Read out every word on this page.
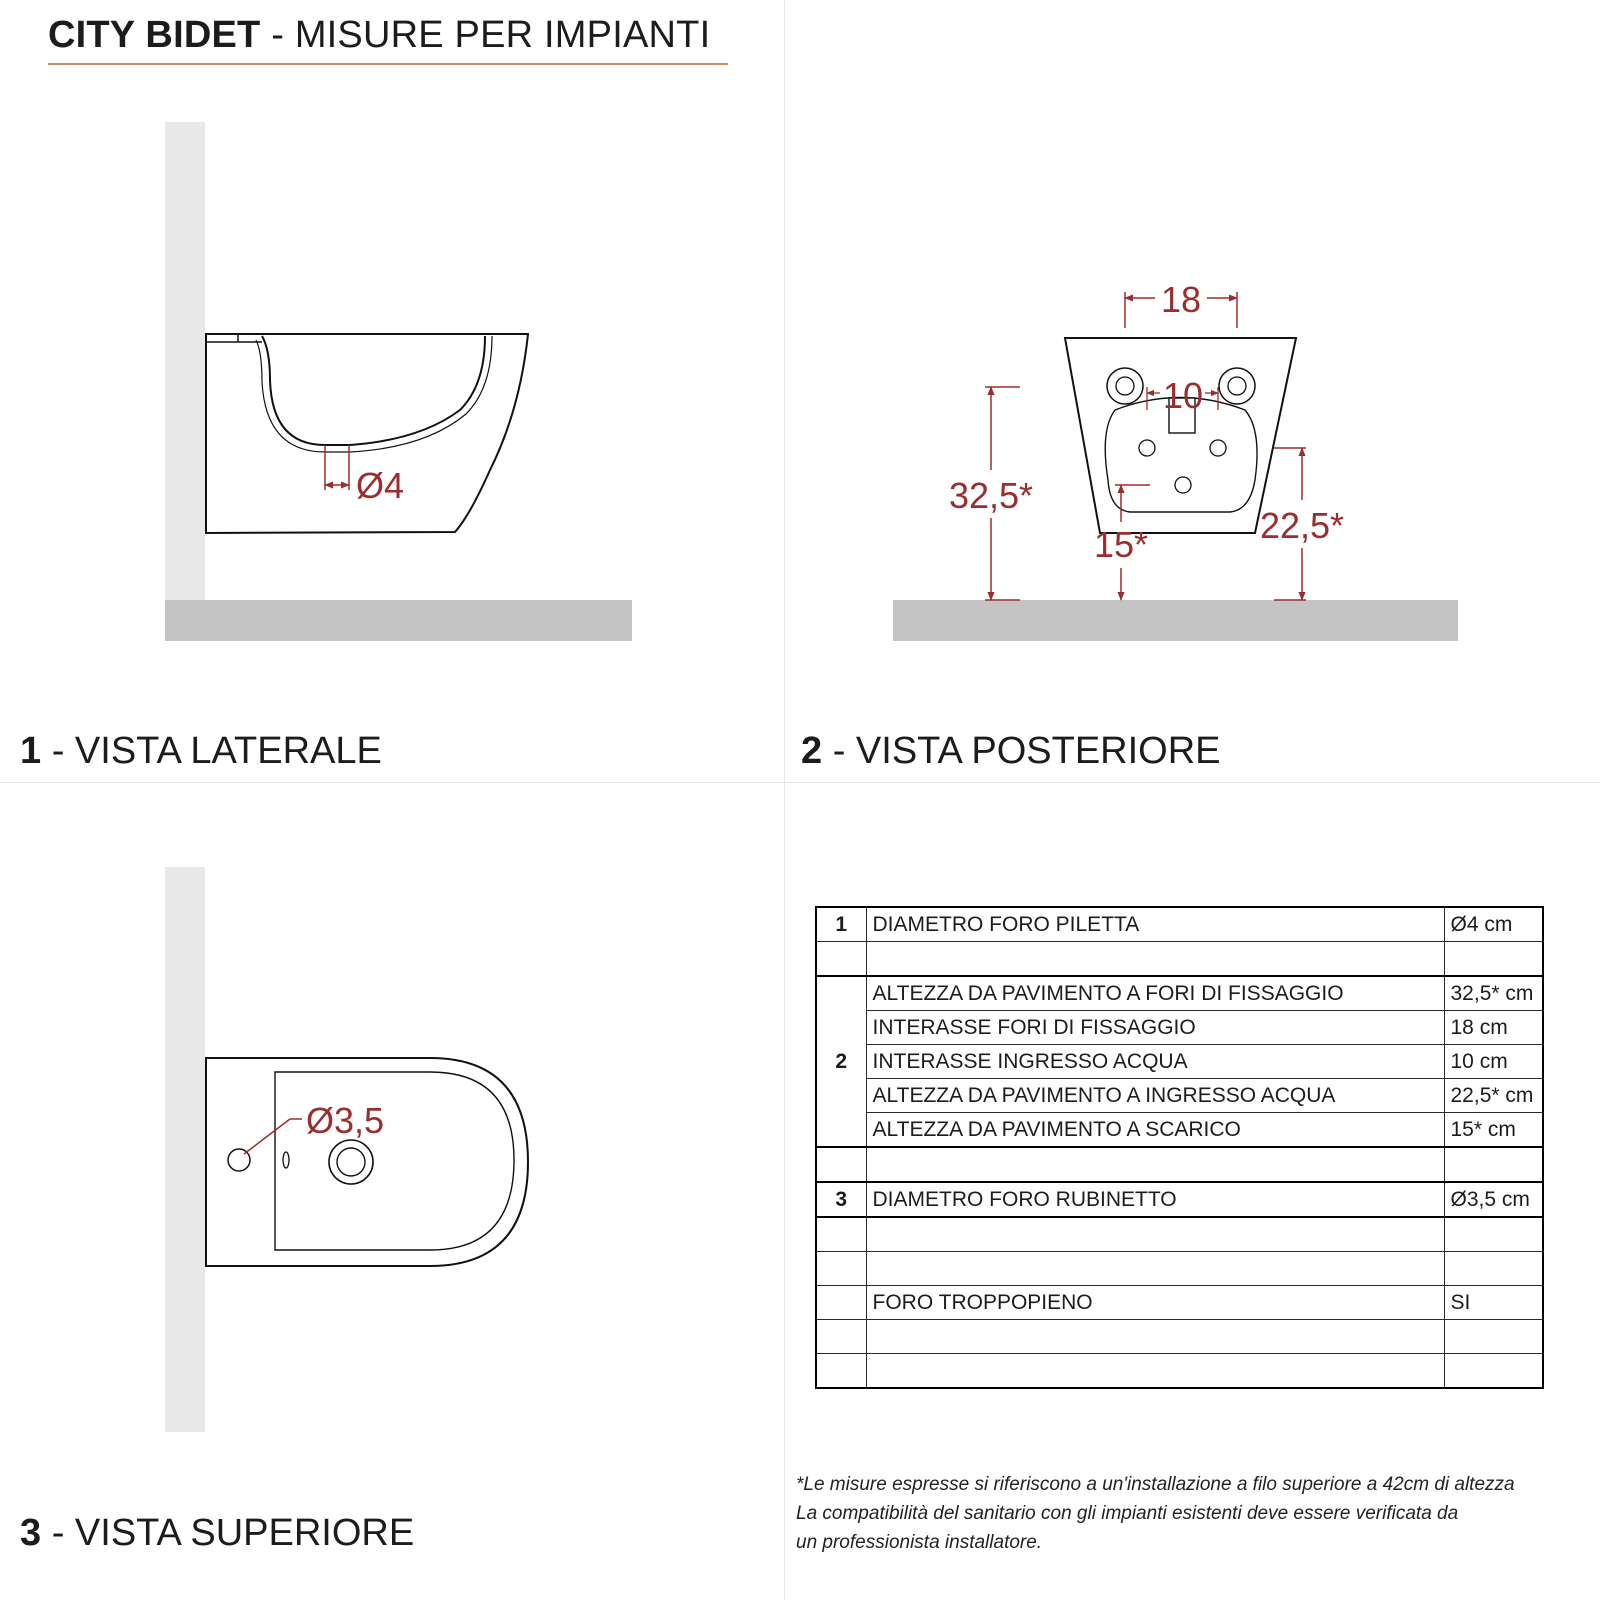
CITY BIDET - MISURE PER IMPIANTI
Ø4
18
10
32,5*
15*	22,5*
Ø3,5
1 - VISTA LATERALE	2 - VISTA POSTERIORE
3 - VISTA SUPERIORE
1	DIAMETRO FORO PILETTA	Ø4 cm

2	ALTEZZA DA PAVIMENTO A FORI DI FISSAGGIO	32,5* cm
	INTERASSE FORI DI FISSAGGIO	18 cm
	INTERASSE INGRESSO ACQUA	10 cm
	ALTEZZA DA PAVIMENTO A INGRESSO ACQUA	22,5* cm
	ALTEZZA DA PAVIMENTO A SCARICO	15* cm

3	DIAMETRO FORO RUBINETTO	Ø3,5 cm

	FORO TROPPOPIENO	SI

*Le misure espresse si riferiscono a un'installazione a filo superiore a 42cm di altezza
La compatibilità del sanitario con gli impianti esistenti deve essere verificata da
un professionista installatore.
